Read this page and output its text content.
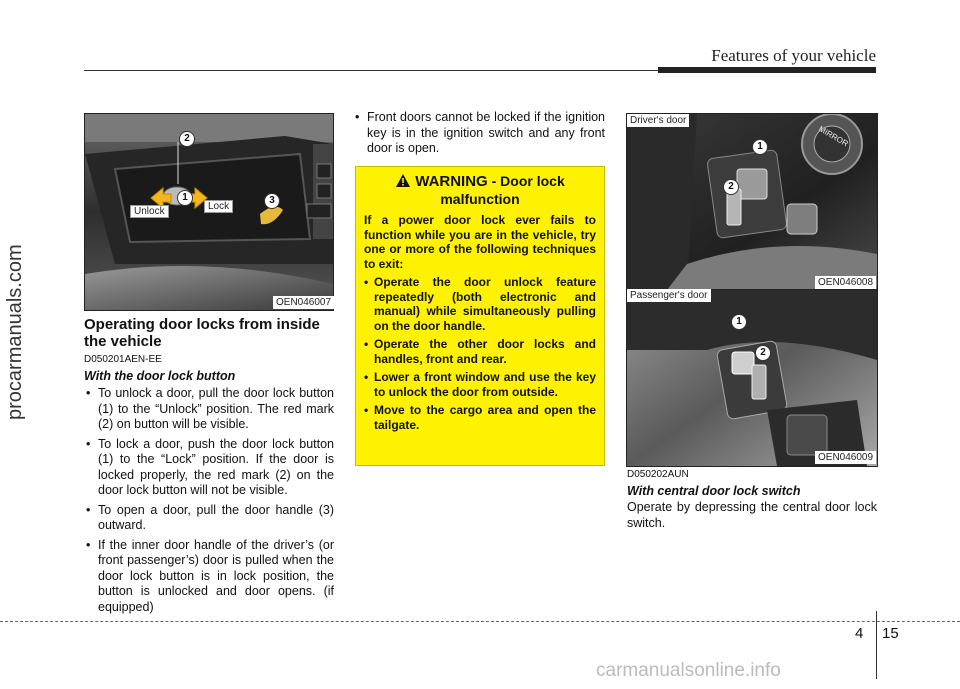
Features of your vehicle
procarmanuals.com
2
1	3
Unlock	Lock
OEN046007
Operating door locks from inside the vehicle
D050201AEN-EE
With the door lock button
• To unlock a door, pull the door lock button (1) to the “Unlock” position. The red mark (2) on button will be visible.
• To lock a door, push the door lock button (1) to the “Lock” position. If the door is locked properly, the red mark (2) on the door lock button will not be visible.
• To open a door, pull the door handle (3) outward.
• If the inner door handle of the driver’s (or front passenger’s) door is pulled when the door lock button is in lock position, the button is unlocked and door opens. (if equipped)
• Front doors cannot be locked if the ignition key is in the ignition switch and any front door is open.
WARNING - Door lock malfunction
If a power door lock ever fails to function while you are in the vehicle, try one or more of the following techniques to exit:
• Operate the door unlock feature repeatedly (both electronic and manual) while simultaneously pulling on the door handle.
• Operate the other door locks and handles, front and rear.
• Lower a front window and use the key to unlock the door from outside.
• Move to the cargo area and open the tailgate.
MIRROR
Driver's door
1
2
OEN046008
Passenger's door
1
2
OEN046009
D050202AUN
With central door lock switch
Operate by depressing the central door lock switch.
4 15
carmanualsonline.info
